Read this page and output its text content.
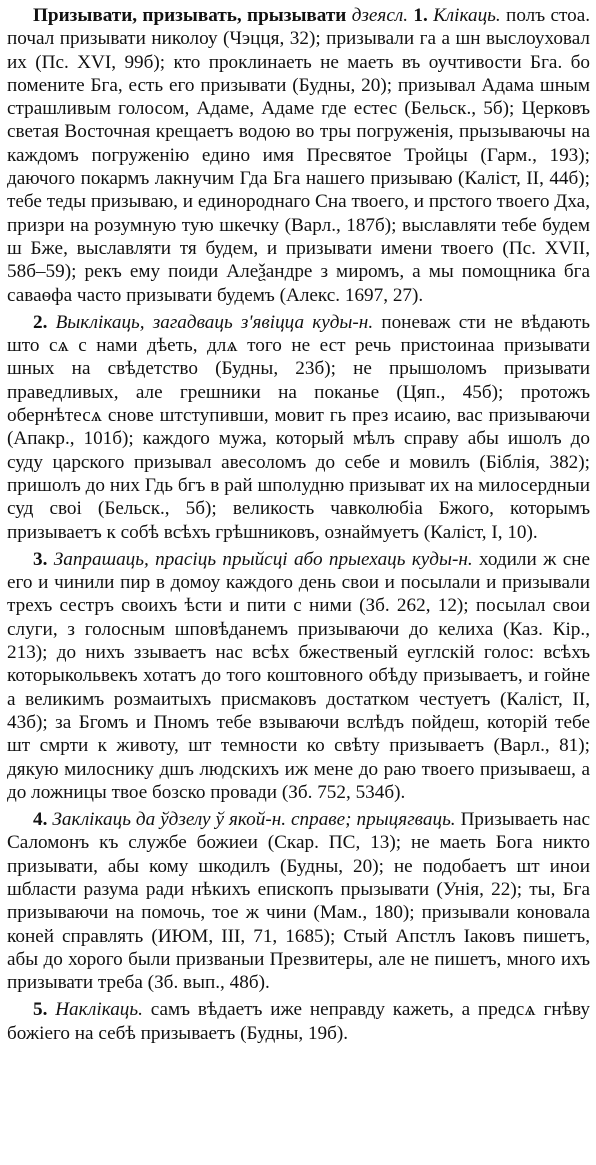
Призывати, призывать, прызывати дзеясл. 1. Клікаць. полъ стоа. почал призывати николоу (Чэцця, 32); призывали га а шн выслоуховал их (Пс. XVI, 99б); кто проклинаеть не маеть въ оучтивости Бга. бо помените Бга, есть его призывати (Будны, 20); призывал Адама шным страшливым голосом, Адаме, Адаме где естес (Бельск., 5б); Церковъ светая Восточная крещаетъ водою во тры погруженія, прызываючы на каждомъ погруженію едино имя Пресвятое Тройцы (Гарм., 193); даючого покармъ лакнучим Гда Бга нашего призываю (Каліст, II, 44б); тебе теды призываю, и единороднаго Сна твоего, и прстого твоего Дха, призри на розумную тую шкечку (Варл., 187б); выславляти тебе будем ш Бже, выславляти тя будем, и призывати имени твоего (Пс. XVII, 58б–59); рекъ ему поиди Алеѯандре з миромъ, а мы помощника бга саваѳфа часто призывати будемъ (Алекс. 1697, 27).

2. Выклікаць, загадваць з'явіцца куды-н. поневаж сти не вѣдають што сѧ с нами дѣеть, длѧ того не ест речь пристоинаа призывати шных на свѣдетство (Будны, 23б); не прышоломъ призывати праведливых, але грешники на поканье (Цяп., 45б); протожъ обернѣтесѧ снове штступивши, мовит гь през исаию, вас призываючи (Апакр., 101б); каждого мужа, который мѣлъ справу абы ишолъ до суду царского призывал авесоломъ до себе и мовилъ (Біблія, 382); пришолъ до них Гдь бгъ в рай шполудню призыват их на милосердныи суд своі (Бельск., 5б); великость чавколюбіа Бжого, которымъ призываетъ к собѣ всѣхъ грѣшниковъ, ознаймуетъ (Каліст, I, 10).

3. Запрашаць, прасіць прыйсці або прыехаць куды-н. ходили ж сне его и чинили пир в домоу каждого день свои и посылали и призывали трехъ сестръ своихъ ѣсти и пити с ними (Зб. 262, 12); посылал свои слуги, з голосным шповѣданемъ призываючи до келиха (Каз. Кір., 213); до нихъ ззываетъ нас всѣх бжественый еуглскій голос: всѣхъ которыкольвекъ хотатъ до того коштовного обѣду призываетъ, и гойне а великимъ розмаитыхъ присмаковъ достатком честуетъ (Каліст, II, 43б); за Бгомъ и Пномъ тебе взываючи вслѣдъ пойдеш, которій тебе шт смрти к животу, шт темности ко свѣту призываетъ (Варл., 81); дякую милоснику дшъ людскихъ иж мене до раю твоего призываеш, а до ложницы твое бозско провади (Зб. 752, 534б).

4. Заклікаць да ўдзелу ў якой-н. справе; прыцягваць. Призываеть нас Саломонъ къ службе божиеи (Скар. ПС, 13); не маеть Бога никто призывати, абы кому шкодилъ (Будны, 20); не подобаетъ шт инои шбласти разума ради нѣкихъ епископъ прызывати (Унія, 22); ты, Бга призываючи на помочь, тое ж чини (Мам., 180); призывали коновала коней справлять (ИЮМ, III, 71, 1685); Стый Апстлъ Іаковъ пишетъ, абы до хорого были призваныи Презвитеры, але не пишетъ, много ихъ призывати треба (Зб. вып., 48б).

5. Наклікаць. самъ вѣдаетъ иже неправду кажеть, а предсѧ гнѣву божіего на себѣ призываетъ (Будны, 19б).
